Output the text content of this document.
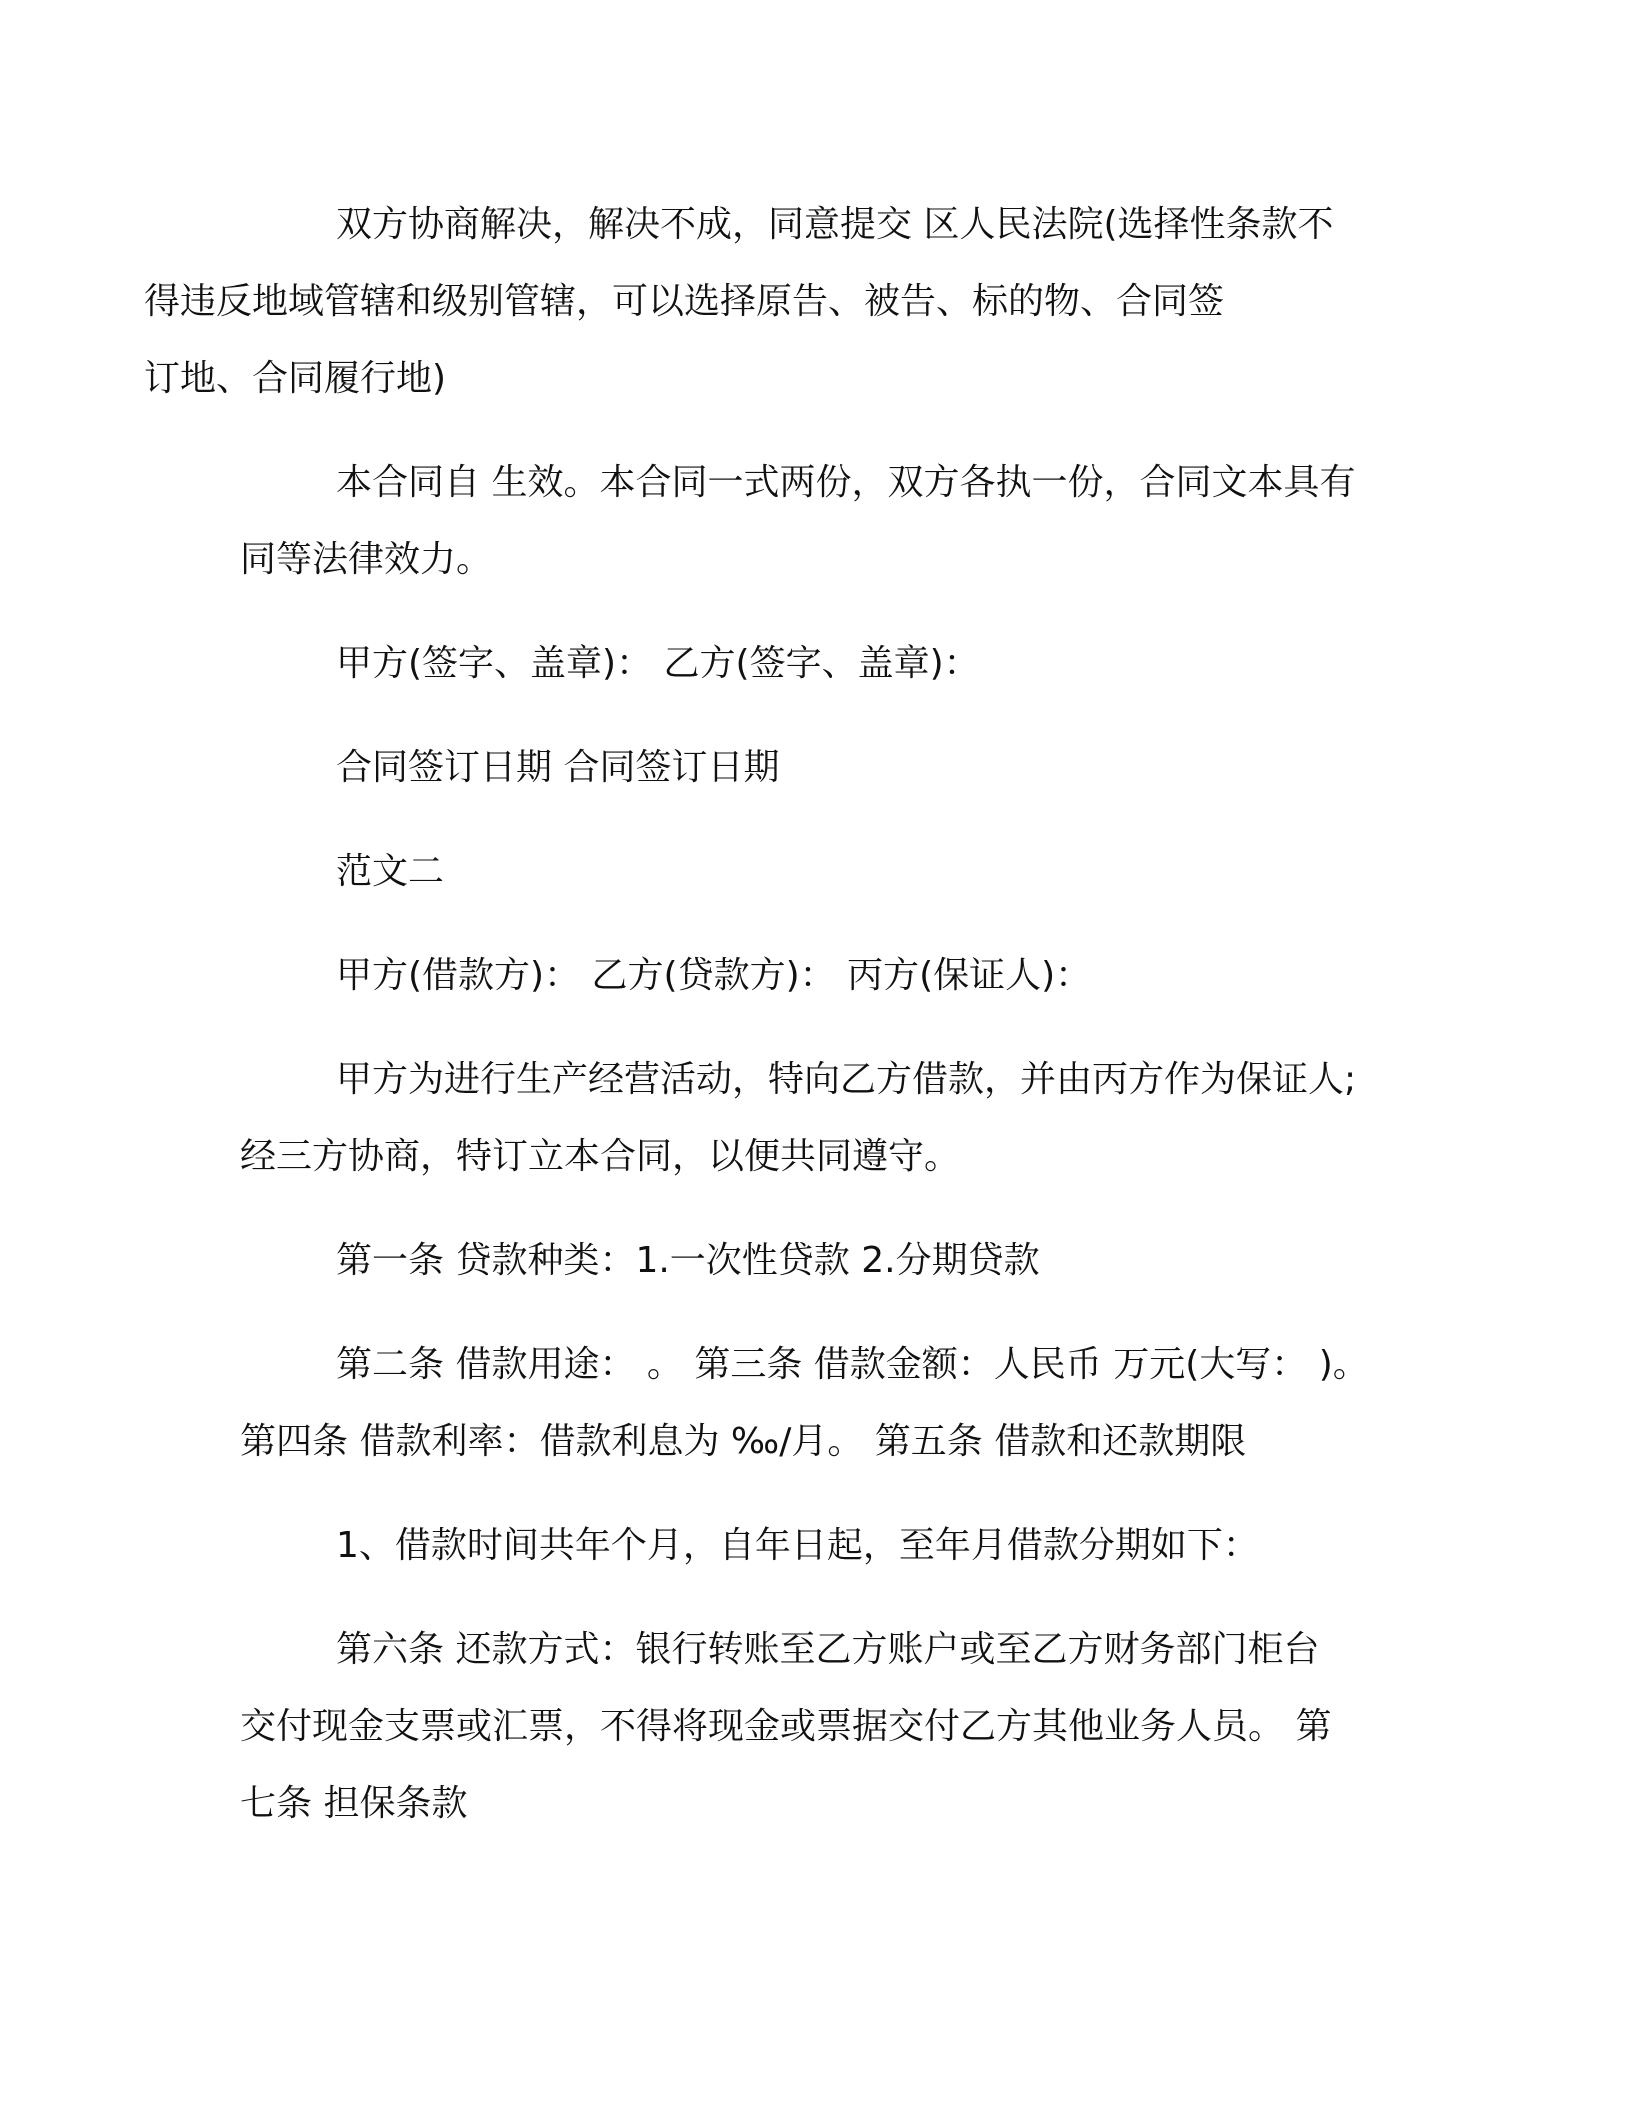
双方协商解决，解决不成，同意提交 区人民法院(选择性条款不
得违反地域管辖和级别管辖，可以选择原告、被告、标的物、合同签
订地、合同履行地)

本合同自 生效。本合同一式两份，双方各执一份，合同文本具有
同等法律效力。

甲方(签字、盖章)： 乙方(签字、盖章)：

合同签订日期 合同签订日期

范文二

甲方(借款方)： 乙方(贷款方)： 丙方(保证人)：

甲方为进行生产经营活动，特向乙方借款，并由丙方作为保证人;
经三方协商，特订立本合同，以便共同遵守。

第一条 贷款种类：1.一次性贷款 2.分期贷款

第二条 借款用途： 。 第三条 借款金额：人民币 万元(大写： )。
第四条 借款利率：借款利息为 ‰/月。 第五条 借款和还款期限

1、借款时间共年个月，自年日起，至年月借款分期如下：

第六条 还款方式：银行转账至乙方账户或至乙方财务部门柜台
交付现金支票或汇票，不得将现金或票据交付乙方其他业务人员。 第
七条 担保条款
